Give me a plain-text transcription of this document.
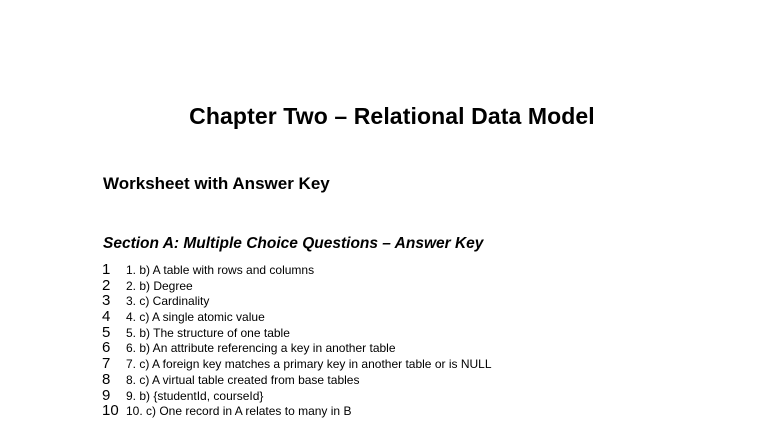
Chapter Two – Relational Data Model
Worksheet with Answer Key
Section A: Multiple Choice Questions – Answer Key
1	1. b) A table with rows and columns
2	2. b) Degree
3	3. c) Cardinality
4	4. c) A single atomic value
5	5. b) The structure of one table
6	6. b) An attribute referencing a key in another table
7	7. c) A foreign key matches a primary key in another table or is NULL
8	8. c) A virtual table created from base tables
9	9. b) {studentId, courseId}
10 10. c) One record in A relates to many in B
